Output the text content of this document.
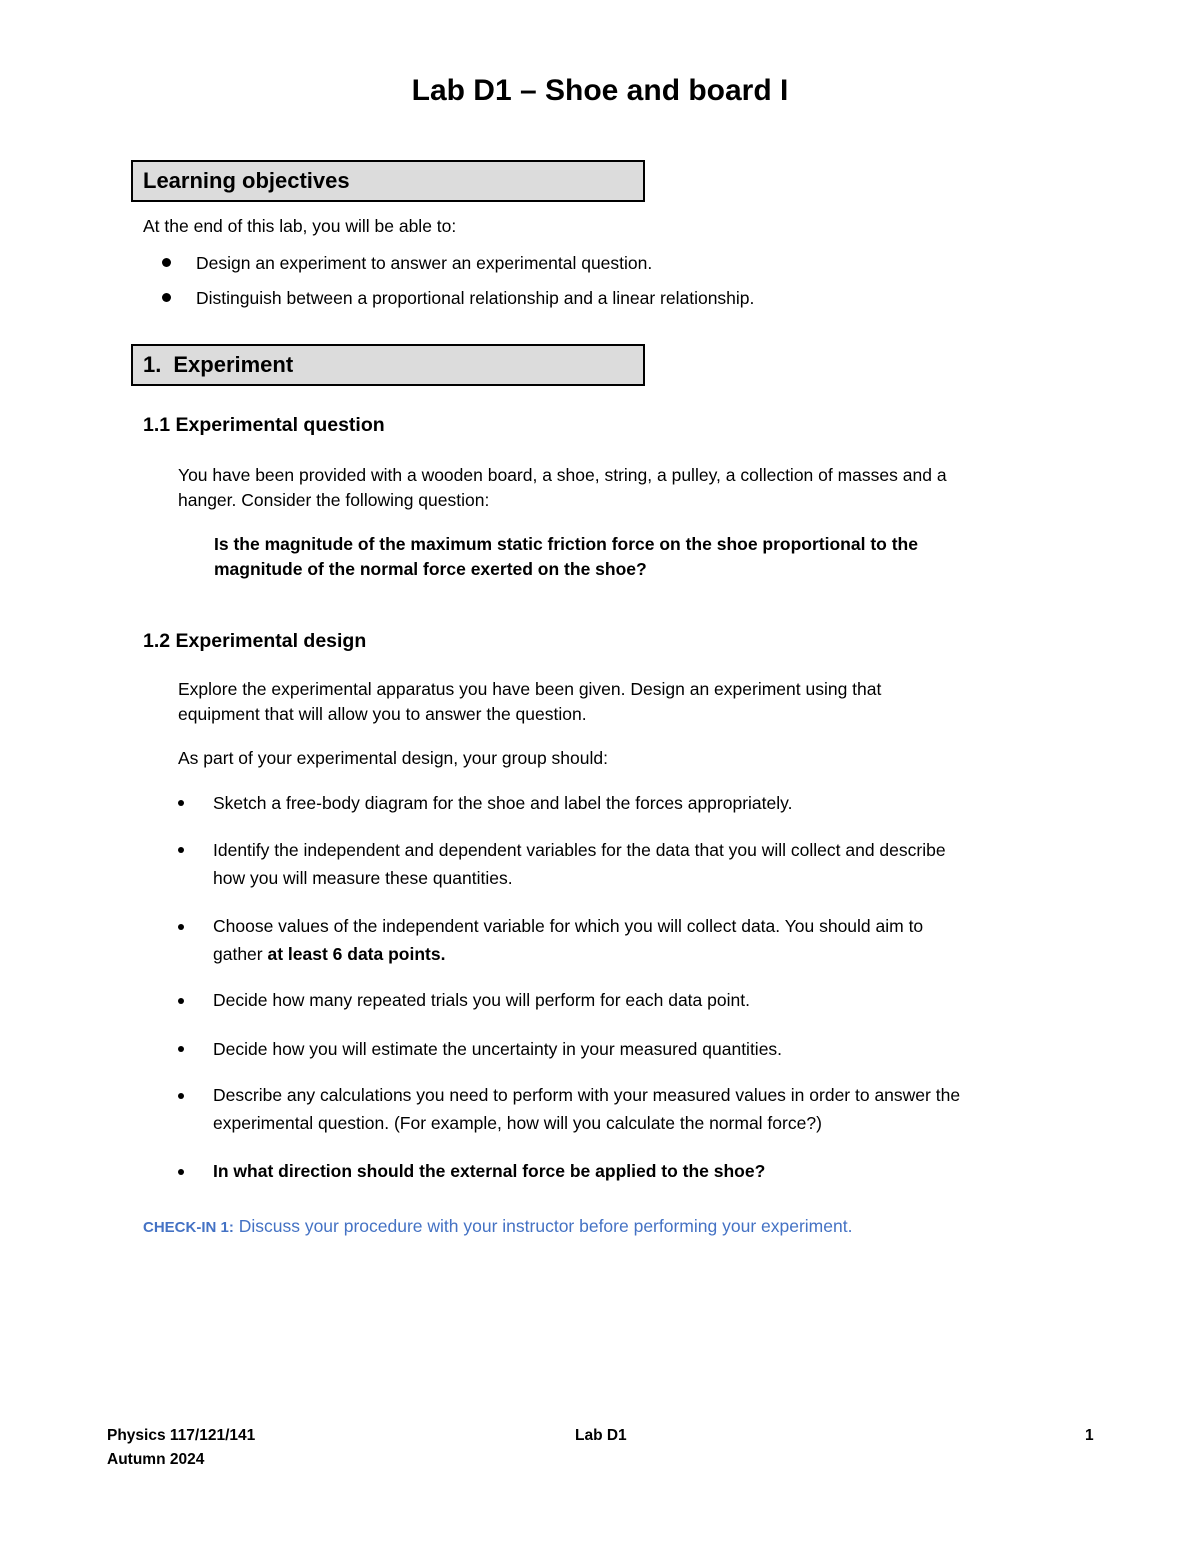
Lab D1 – Shoe and board I
Learning objectives
At the end of this lab, you will be able to:
Design an experiment to answer an experimental question.
Distinguish between a proportional relationship and a linear relationship.
1. Experiment
1.1 Experimental question
You have been provided with a wooden board, a shoe, string, a pulley, a collection of masses and a
hanger. Consider the following question:
Is the magnitude of the maximum static friction force on the shoe proportional to the
magnitude of the normal force exerted on the shoe?
1.2 Experimental design
Explore the experimental apparatus you have been given. Design an experiment using that
equipment that will allow you to answer the question.
As part of your experimental design, your group should:
Sketch a free-body diagram for the shoe and label the forces appropriately.
Identify the independent and dependent variables for the data that you will collect and describe
how you will measure these quantities.
Choose values of the independent variable for which you will collect data. You should aim to
gather at least 6 data points.
Decide how many repeated trials you will perform for each data point.
Decide how you will estimate the uncertainty in your measured quantities.
Describe any calculations you need to perform with your measured values in order to answer the
experimental question. (For example, how will you calculate the normal force?)
In what direction should the external force be applied to the shoe?
CHECK-IN 1: Discuss your procedure with your instructor before performing your experiment.
Physics 117/121/141
Autumn 2024
Lab D1	1
